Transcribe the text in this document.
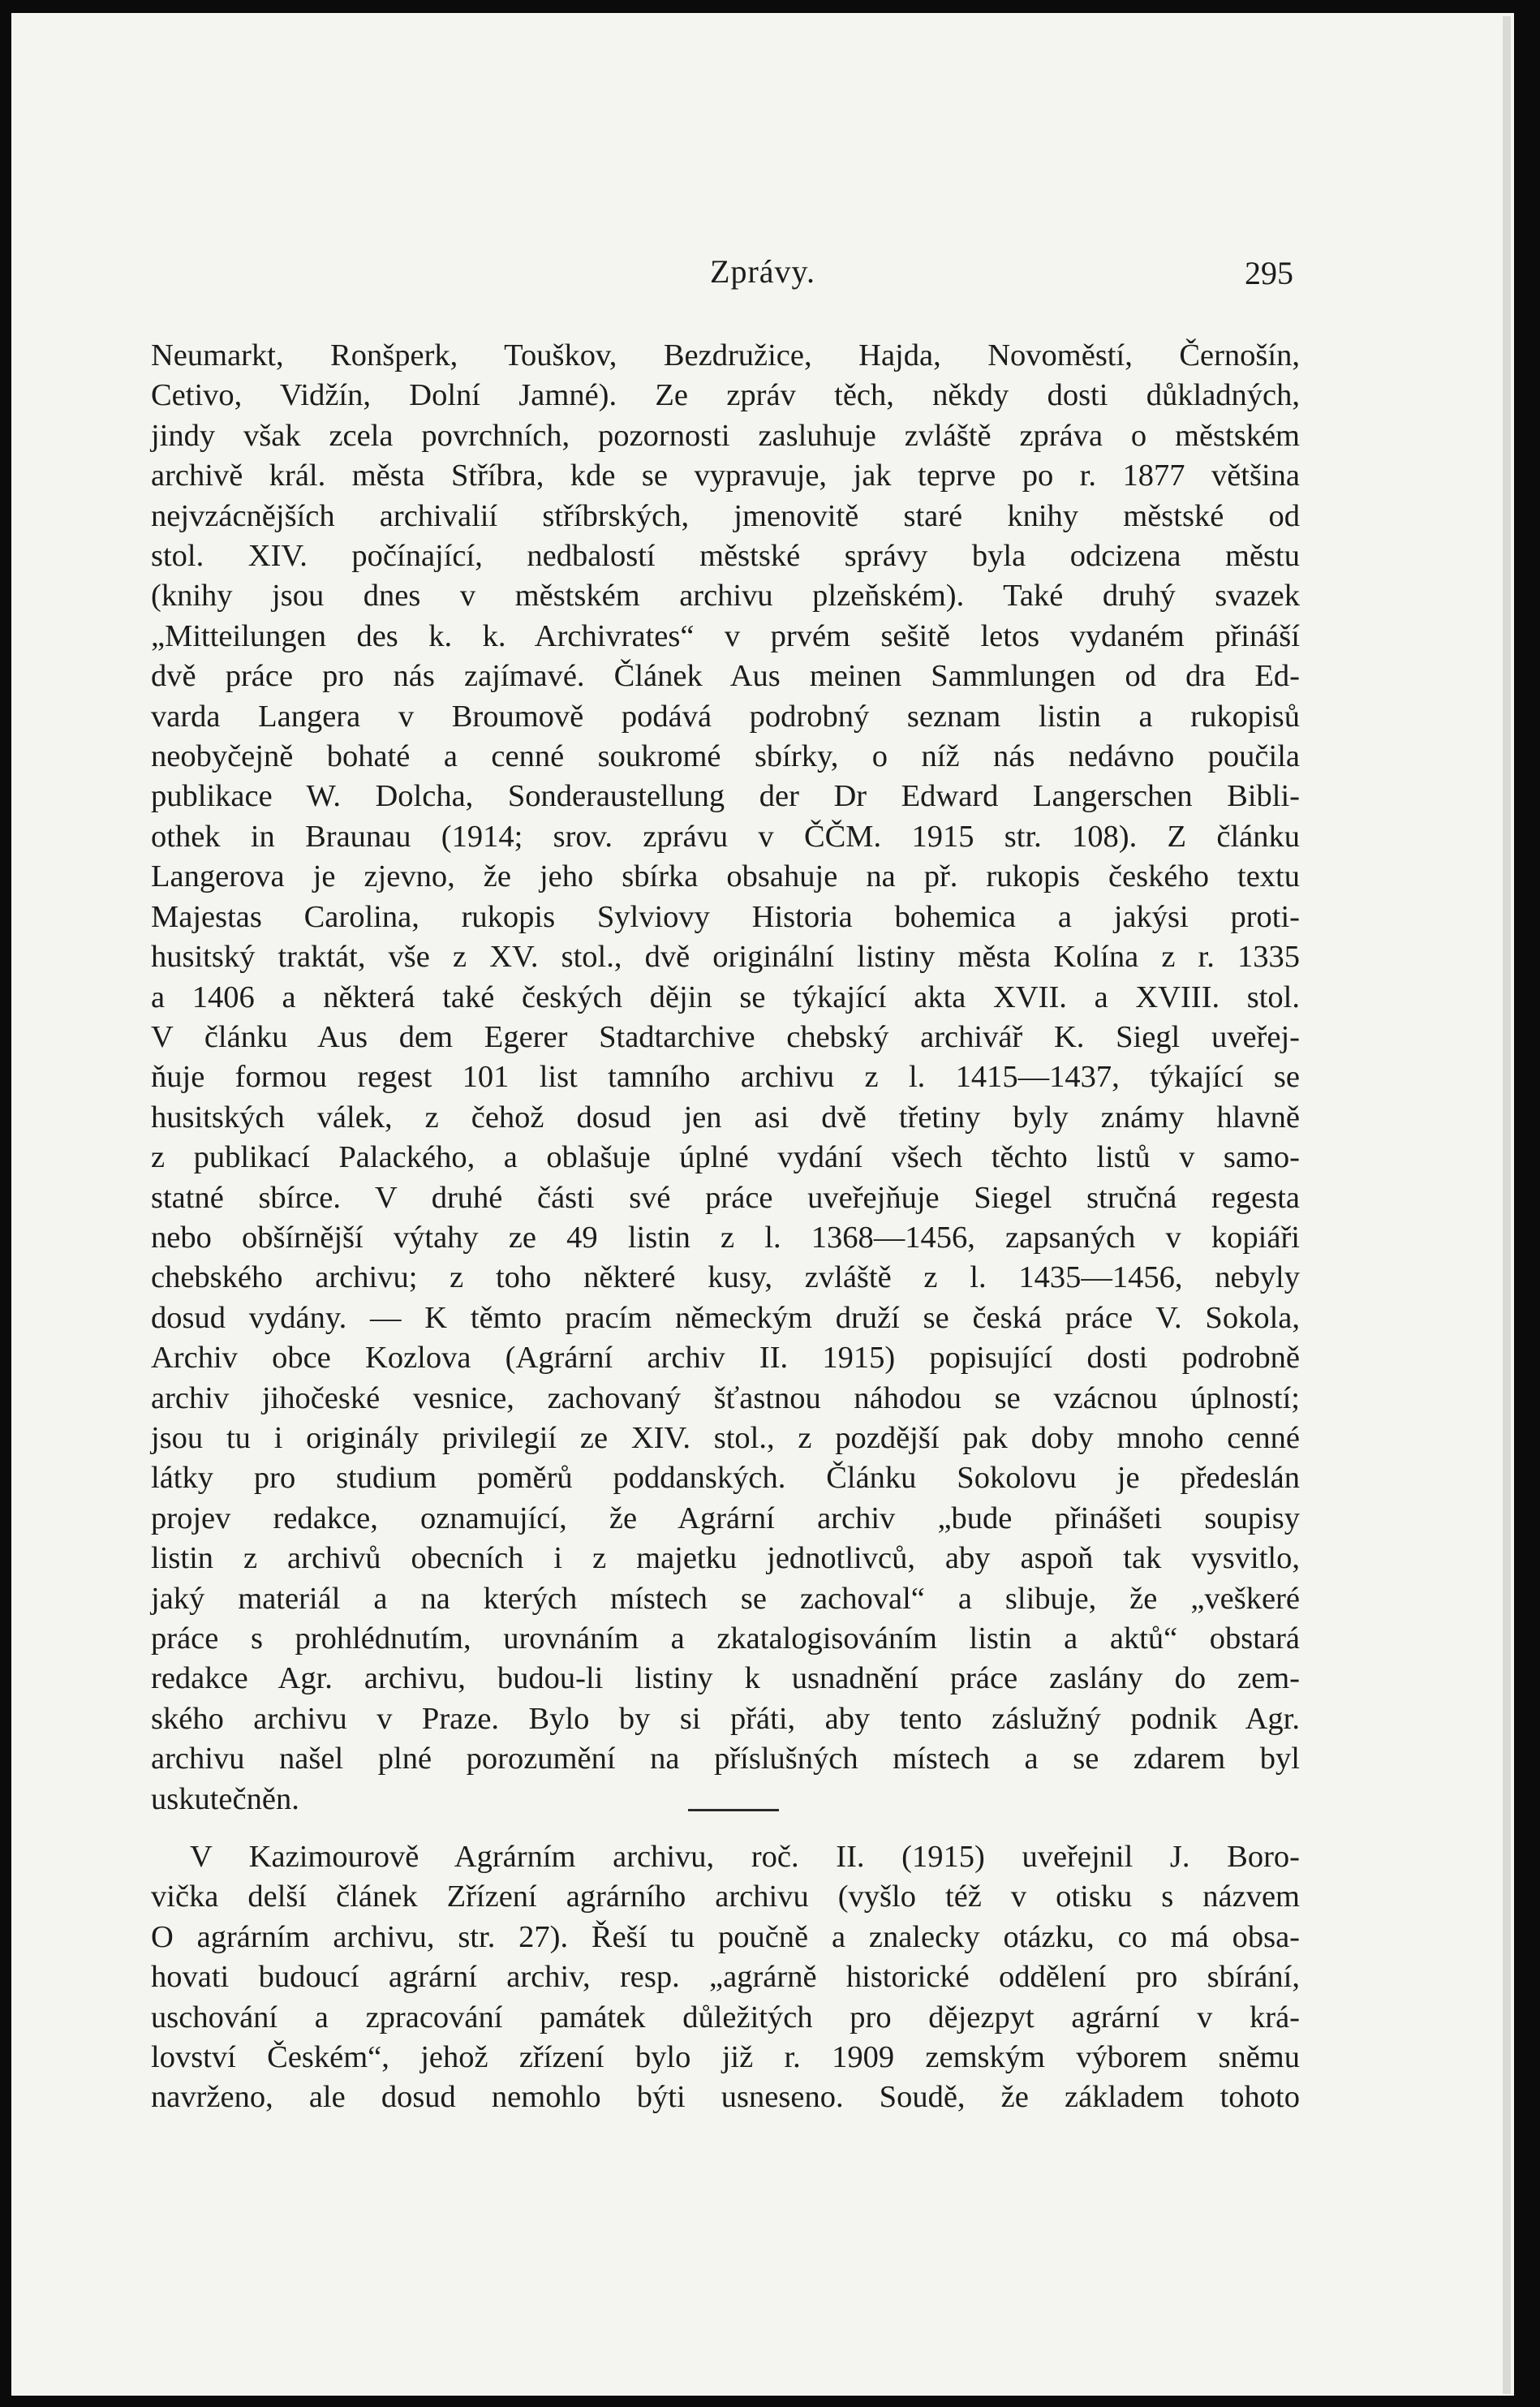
Zprávy.	295
Neumarkt, Ronšperk, Touškov, Bezdružice, Hajda, Novoměstí, Černošín,
Cetivo, Vidžín, Dolní Jamné). Ze zpráv těch, někdy dosti důkladných,
jindy však zcela povrchních, pozornosti zasluhuje zvláště zpráva o městském
archivě král. města Stříbra, kde se vypravuje, jak teprve po r. 1877 většina
nejvzácnějších archivalií stříbrských, jmenovitě staré knihy městské od
stol. XIV. počínající, nedbalostí městské správy byla odcizena městu
(knihy jsou dnes v městském archivu plzeňském). Také druhý svazek
„Mitteilungen des k. k. Archivrates“ v prvém sešitě letos vydaném přináší
dvě práce pro nás zajímavé. Článek Aus meinen Sammlungen od dra Ed-
varda Langera v Broumově podává podrobný seznam listin a rukopisů
neobyčejně bohaté a cenné soukromé sbírky, o níž nás nedávno poučila
publikace W. Dolcha, Sonderaustellung der Dr Edward Langerschen Bibli-
othek in Braunau (1914; srov. zprávu v ČČM. 1915 str. 108). Z článku
Langerova je zjevno, že jeho sbírka obsahuje na př. rukopis českého textu
Majestas Carolina, rukopis Sylviovy Historia bohemica a jakýsi proti-
husitský traktát, vše z XV. stol., dvě originální listiny města Kolína z r. 1335
a 1406 a některá také českých dějin se týkající akta XVII. a XVIII. stol.
V článku Aus dem Egerer Stadtarchive chebský archivář K. Siegl uveřej-
ňuje formou regest 101 list tamního archivu z l. 1415—1437, týkající se
husitských válek, z čehož dosud jen asi dvě třetiny byly známy hlavně
z publikací Palackého, a oblašuje úplné vydání všech těchto listů v samo-
statné sbírce. V druhé části své práce uveřejňuje Siegel stručná regesta
nebo obšírnější výtahy ze 49 listin z l. 1368—1456, zapsaných v kopiáři
chebského archivu; z toho některé kusy, zvláště z l. 1435—1456, nebyly
dosud vydány. — K těmto pracím německým druží se česká práce V. Sokola,
Archiv obce Kozlova (Agrární archiv II. 1915) popisující dosti podrobně
archiv jihočeské vesnice, zachovaný šťastnou náhodou se vzácnou úplností;
jsou tu i originály privilegií ze XIV. stol., z pozdější pak doby mnoho cenné
látky pro studium poměrů poddanských. Článku Sokolovu je předeslán
projev redakce, oznamující, že Agrární archiv „bude přinášeti soupisy
listin z archivů obecních i z majetku jednotlivců, aby aspoň tak vysvitlo,
jaký materiál a na kterých místech se zachoval“ a slibuje, že „veškeré
práce s prohlédnutím, urovnáním a zkatalogisováním listin a aktů“ obstará
redakce Agr. archivu, budou-li listiny k usnadnění práce zaslány do zem-
ského archivu v Praze. Bylo by si přáti, aby tento záslužný podnik Agr.
archivu našel plné porozumění na příslušných místech a se zdarem byl
uskutečněn.
V Kazimourově Agrárním archivu, roč. II. (1915) uveřejnil J. Boro-
vička delší článek Zřízení agrárního archivu (vyšlo též v otisku s názvem
O agrárním archivu, str. 27). Řeší tu poučně a znalecky otázku, co má obsa-
hovati budoucí agrární archiv, resp. „agrárně historické oddělení pro sbírání,
uschování a zpracování památek důležitých pro dějezpyt agrární v krá-
lovství Českém“, jehož zřízení bylo již r. 1909 zemským výborem sněmu
navrženo, ale dosud nemohlo býti usneseno. Soudě, že základem tohoto
